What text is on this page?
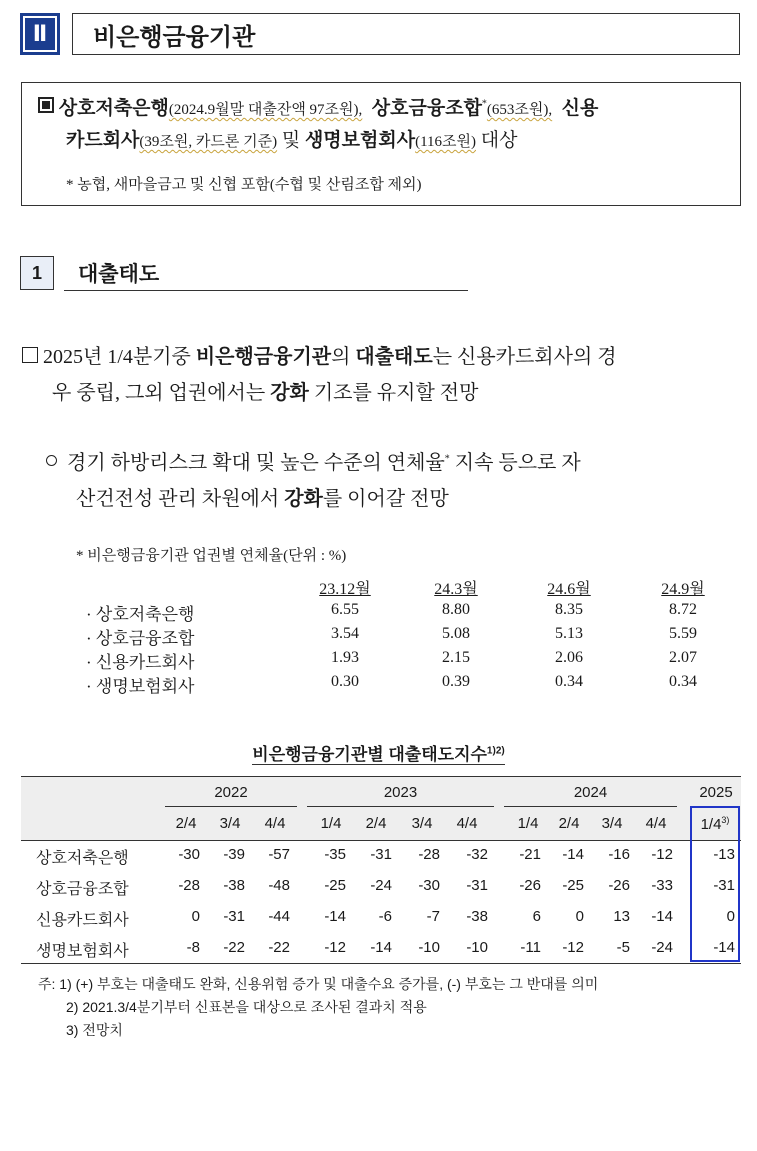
Ⅱ	비은행금융기관
상호저축은행(2024.9월말 대출잔액 97조원), 상호금융조합*(653조원), 신용
카드회사(39조원, 카드론 기준) 및 생명보험회사(116조원) 대상
* 농협, 새마을금고 및 신협 포함(수협 및 산림조합 제외)
1	대출태도
2025년 1/4분기중 비은행금융기관의 대출태도는 신용카드회사의 경
우 중립, 그외 업권에서는 강화 기조를 유지할 전망
경기 하방리스크 확대 및 높은 수준의 연체율* 지속 등으로 자
산건전성 관리 차원에서 강화를 이어갈 전망
* 비은행금융기관 업권별 연체율(단위 : %)
23.12월	24.3월	24.6월	24.9월
· 상호저축은행	6.55	8.80	8.35	8.72
· 상호금융조합	3.54	5.08	5.13	5.59
· 신용카드회사	1.93	2.15	2.06	2.07
· 생명보험회사	0.30	0.39	0.34	0.34
비은행금융기관별 대출태도지수$^{1)2)}$
2022	2023	2024	2025
2/4	3/4	4/4	1/4	2/4	3/4	4/4	1/4	2/4	3/4	4/4	1/4$^{3)}$
상호저축은행	-30	-39	-57	-35	-31	-28	-32	-21	-14	-16	-12	-13
상호금융조합	-28	-38	-48	-25	-24	-30	-31	-26	-25	-26	-33	-31
신용카드회사	0	-31	-44	-14	-6	-7	-38	6	0	13	-14	0
생명보험회사	-8	-22	-22	-12	-14	-10	-10	-11	-12	-5	-24	-14
주: 1) (+) 부호는 대출태도 완화, 신용위험 증가 및 대출수요 증가를, (-) 부호는 그 반대를 의미
2) 2021.3/4분기부터 신표본을 대상으로 조사된 결과치 적용
3) 전망치
